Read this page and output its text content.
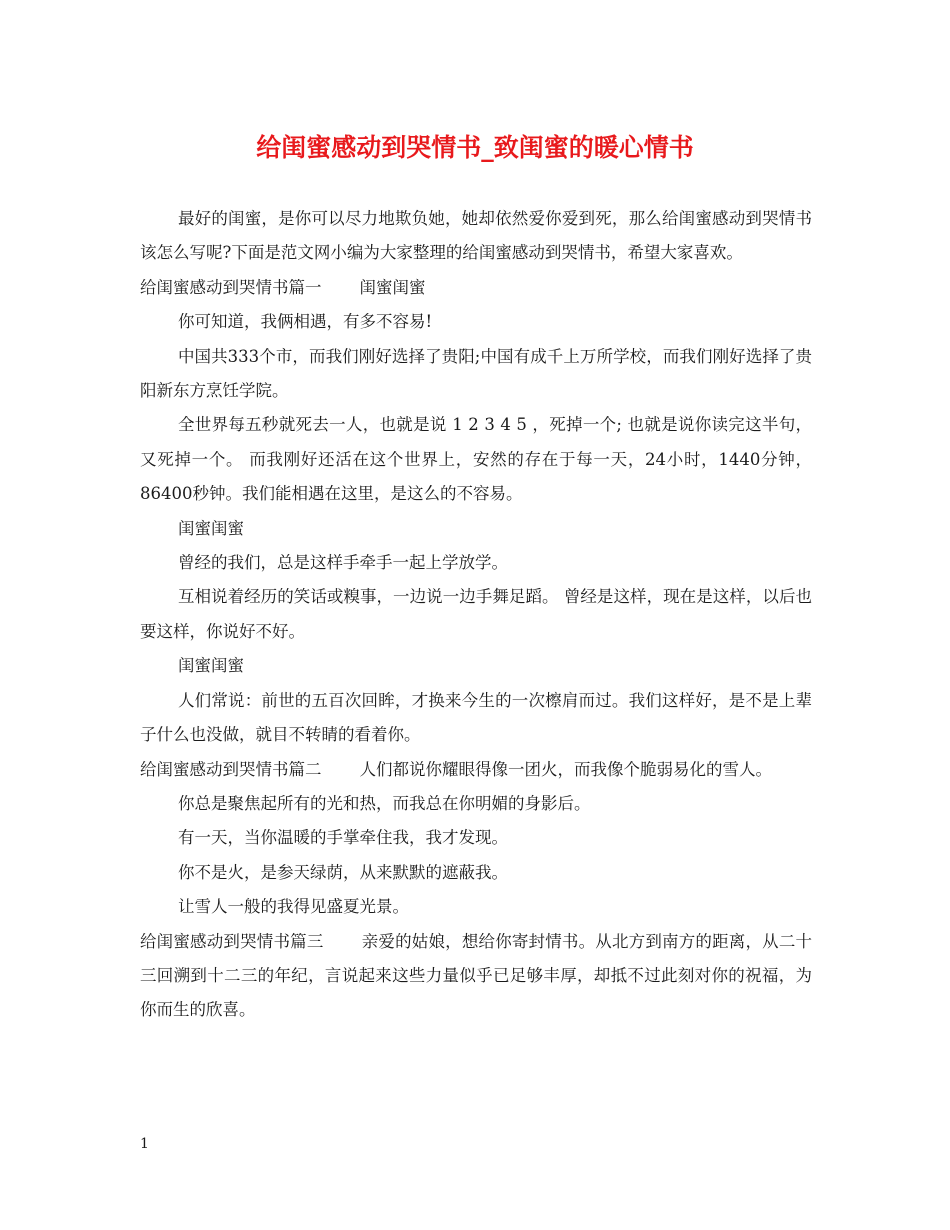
给闺蜜感动到哭情书_致闺蜜的暖心情书

最好的闺蜜，是你可以尽力地欺负她，她却依然爱你爱到死，那么给闺蜜感动到哭情书该怎么写呢?下面是范文网小编为大家整理的给闺蜜感动到哭情书，希望大家喜欢。

给闺蜜感动到哭情书篇一 闺蜜闺蜜

你可知道，我俩相遇，有多不容易!

中国共333个市，而我们刚好选择了贵阳;中国有成千上万所学校，而我们刚好选择了贵阳新东方烹饪学院。

全世界每五秒就死去一人，也就是说 1 2 3 4 5 ，死掉一个; 也就是说你读完这半句，又死掉一个。 而我刚好还活在这个世界上，安然的存在于每一天，24小时，1440分钟，86400秒钟。我们能相遇在这里，是这么的不容易。

闺蜜闺蜜

曾经的我们，总是这样手牵手一起上学放学。

互相说着经历的笑话或糗事，一边说一边手舞足蹈。 曾经是这样，现在是这样，以后也要这样，你说好不好。

闺蜜闺蜜

人们常说：前世的五百次回眸，才换来今生的一次檫肩而过。我们这样好，是不是上辈子什么也没做，就目不转睛的看着你。

给闺蜜感动到哭情书篇二 人们都说你耀眼得像一团火，而我像个脆弱易化的雪人。

你总是聚焦起所有的光和热，而我总在你明媚的身影后。

有一天，当你温暖的手掌牵住我，我才发现。

你不是火，是参天绿荫，从来默默的遮蔽我。

让雪人一般的我得见盛夏光景。

给闺蜜感动到哭情书篇三 亲爱的姑娘，想给你寄封情书。从北方到南方的距离，从二十三回溯到十二三的年纪，言说起来这些力量似乎已足够丰厚，却抵不过此刻对你的祝福，为你而生的欣喜。

1
